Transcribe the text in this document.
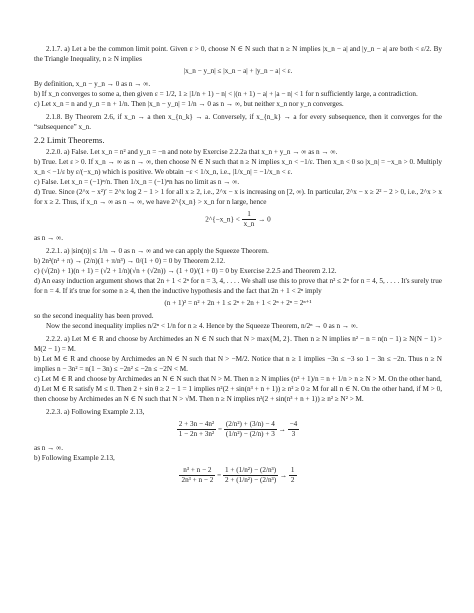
2.1.7. a) Let a be the common limit point. Given ε > 0, choose N ∈ N such that n ≥ N implies |x_n − a| and |y_n − a| are both < ε/2. By the Triangle Inequality, n ≥ N implies

|x_n − y_n| ≤ |x_n − a| + |y_n − a| < ε.

By definition, x_n − y_n → 0 as n → ∞.

b) If x_n converges to some a, then given ε = 1/2, 1 ≥ |1/n + 1) − n| < |(n + 1) − a| + |a − n| < 1 for n sufficiently large, a contradiction.

c) Let x_n = n and y_n = n + 1/n. Then |x_n − y_n| = 1/n → 0 as n → ∞, but neither x_n nor y_n converges.

2.1.8. By Theorem 2.6, if x_n → a then x_{n_k} → a. Conversely, if x_{n_k} → a for every subsequence, then it converges for the “subsequence” x_n.

2.2 Limit Theorems.

2.2.0. a) False. Let x_n = n² and y_n = −n and note by Exercise 2.2.2a that x_n + y_n → ∞ as n → ∞.

b) True. Let ε > 0. If x_n → ∞ as n → ∞, then choose N ∈ N such that n ≥ N implies x_n < −1/ε. Then x_n < 0 so |x_n| = −x_n > 0. Multiply x_n < −1/ε by ε/(−x_n) which is positive. We obtain −ε < 1/x_n, i.e., |1/x_n| = −1/x_n < ε.

c) False. Let x_n = (−1)ⁿ/n. Then 1/x_n = (−1)ⁿn has no limit as n → ∞.

d) True. Since (2^x − x²)′ = 2^x log 2 − 1 > 1 for all x ≥ 2, i.e., 2^x − x is increasing on [2, ∞). In particular, 2^x − x ≥ 2² − 2 > 0, i.e., 2^x > x for x ≥ 2. Thus, if x_n → ∞ as n → ∞, we have 2^{x_n} > x_n for n large, hence

2^{−x_n} < $\frac{1}{x\_n} \to 0$

as n → ∞.

2.2.1. a) |sin(n)| ≤ 1/n → 0 as n → ∞ and we can apply the Squeeze Theorem.

b) 2n²(n³ + π) → (2/n)(1 + π/n³) → 0/(1 + 0) = 0 by Theorem 2.12.

c) (√(2n) + 1)(n + 1) = (√2 + 1/n)(√n + (√2n)) → (1 + 0)/(1 + 0) = 0 by Exercise 2.2.5 and Theorem 2.12.

d) An easy induction argument shows that 2n + 1 < 2ⁿ for n = 3, 4, . . . . We shall use this to prove that n² ≤ 2ⁿ for n = 4, 5, . . . . It's surely true for n = 4. If it's true for some n ≥ 4, then the inductive hypothesis and the fact that 2n + 1 < 2ⁿ imply

(n + 1)² = n² + 2n + 1 ≤ 2ⁿ + 2n + 1 < 2ⁿ + 2ⁿ = 2ⁿ⁺¹

so the second inequality has been proved.

Now the second inequality implies n/2ⁿ < 1/n for n ≥ 4. Hence by the Squeeze Theorem, n/2ⁿ → 0 as n → ∞.

2.2.2. a) Let M ∈ R and choose by Archimedes an N ∈ N such that N > max{M, 2}. Then n ≥ N implies n² − n = n(n − 1) ≥ N(N − 1) > M(2 − 1) = M.

b) Let M ∈ R and choose by Archimedes an N ∈ N such that N > −M/2. Notice that n ≥ 1 implies −3n ≤ −3 so 1 − 3n ≤ −2n. Thus n ≥ N implies n − 3n² = n(1 − 3n) ≤ −2n² ≤ −2n ≤ −2N < M.

c) Let M ∈ R and choose by Archimedes an N ∈ N such that N > M. Then n ≥ N implies (n² + 1)/n = n + 1/n > n ≥ N > M. On the other hand,

d) Let M ∈ R satisfy M ≤ 0. Then 2 + sin θ ≥ 2 − 1 = 1 implies n²(2 + sin(n³ + n + 1)) ≥ n² ≥ 0 ≥ M for all n ∈ N. On the other hand, if M > 0, then choose by Archimedes an N ∈ N such that N > √M. Then n ≥ N implies n²(2 + sin(n³ + n + 1)) ≥ n² ≥ N² > M.

2.2.3. a) Following Example 2.13,

$\frac{\text{2 + 3n − 4n²}}{\text{1 − 2n + 3n²}} = \frac{\text{(2/n²) + (3/n) − 4}}{\text{(1/n²) − (2/n) + 3}} \to \frac{-4}{3}$

as n → ∞.

b) Following Example 2.13,

$\frac{\text{n³ + n − 2}}{\text{2n³ + n − 2}} = \frac{\text{1 + (1/n²) − (2/n³)}}{\text{2 + (1/n²) − (2/n³)}} \to \frac{1}{2}$
